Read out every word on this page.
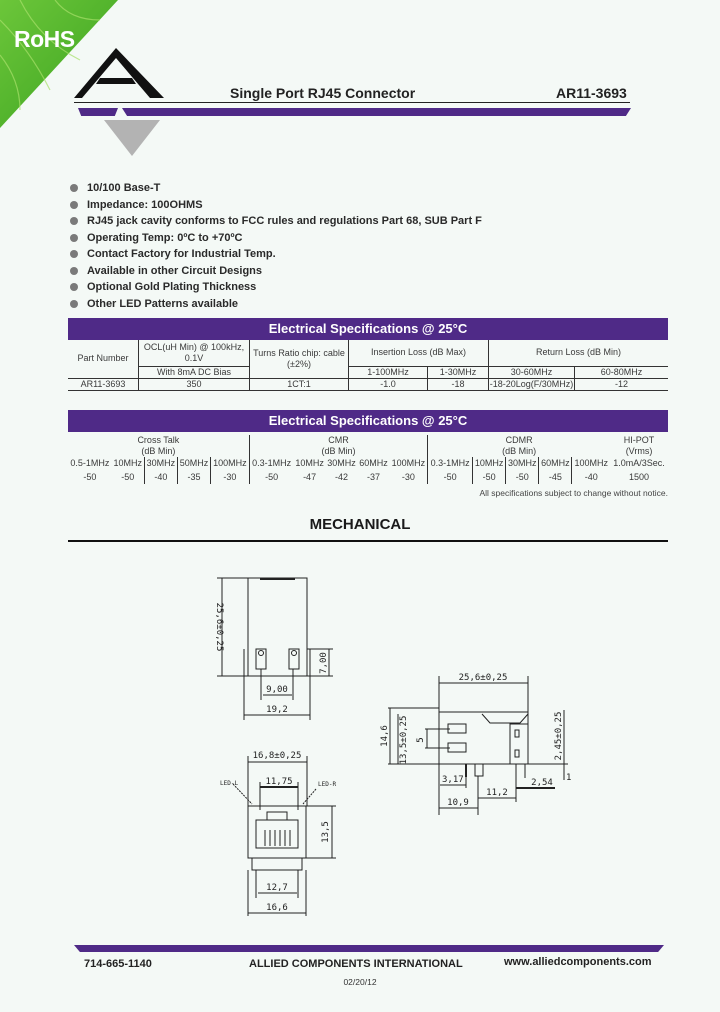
RoHS
Single Port RJ45 Connector	AR11-3693
10/100 Base-T
Impedance: 100OHMS
RJ45 jack cavity conforms to FCC rules and regulations Part 68, SUB Part F
Operating Temp: 0ºC to +70ºC
Contact Factory for Industrial Temp.
Available in other Circuit Designs
Optional Gold Plating Thickness
Other LED Patterns available
Electrical Specifications @ 25°C
Part Number	OCL(uH Min) @ 100kHz, 0.1V	Turns Ratio chip: cable (±2%)	Insertion Loss (dB Max)		Return Loss (dB Min)	
	With 8mA DC Bias		1-100MHz	1-30MHz	30-60MHz	60-80MHz
AR11-3693	350	1CT:1	-1.0	-18	-18-20Log(F/30MHz)	-12
Electrical Specifications @ 25°C
Cross Talk					CMR					CDMR					HI-POT
(dB Min)					(dB Min)					(dB Min)					(Vrms)
0.5-1MHz	10MHz	30MHz	50MHz	100MHz	0.3-1MHz	10MHz	30MHz	60MHz	100MHz	0.3-1MHz	10MHz	30MHz	60MHz	100MHz	1.0mA/3Sec.
-50	-50	-40	-35	-30	-50	-47	-42	-37	-30	-50	-50	-50	-45	-40	1500
All specifications subject to change without notice.
MECHANICAL
25,6±0,25
7,00
9,00
19,2
16,8±0,25
11,75
LED-L	LED-R
13,5
12,7
16,6
25,6±0,25
14,6 13,5±0,25 5	2,45±0,25
3,17
11,2
2,54
10,9
1
714-665-1140	ALLIED COMPONENTS INTERNATIONAL	www.alliedcomponents.com
02/20/12
